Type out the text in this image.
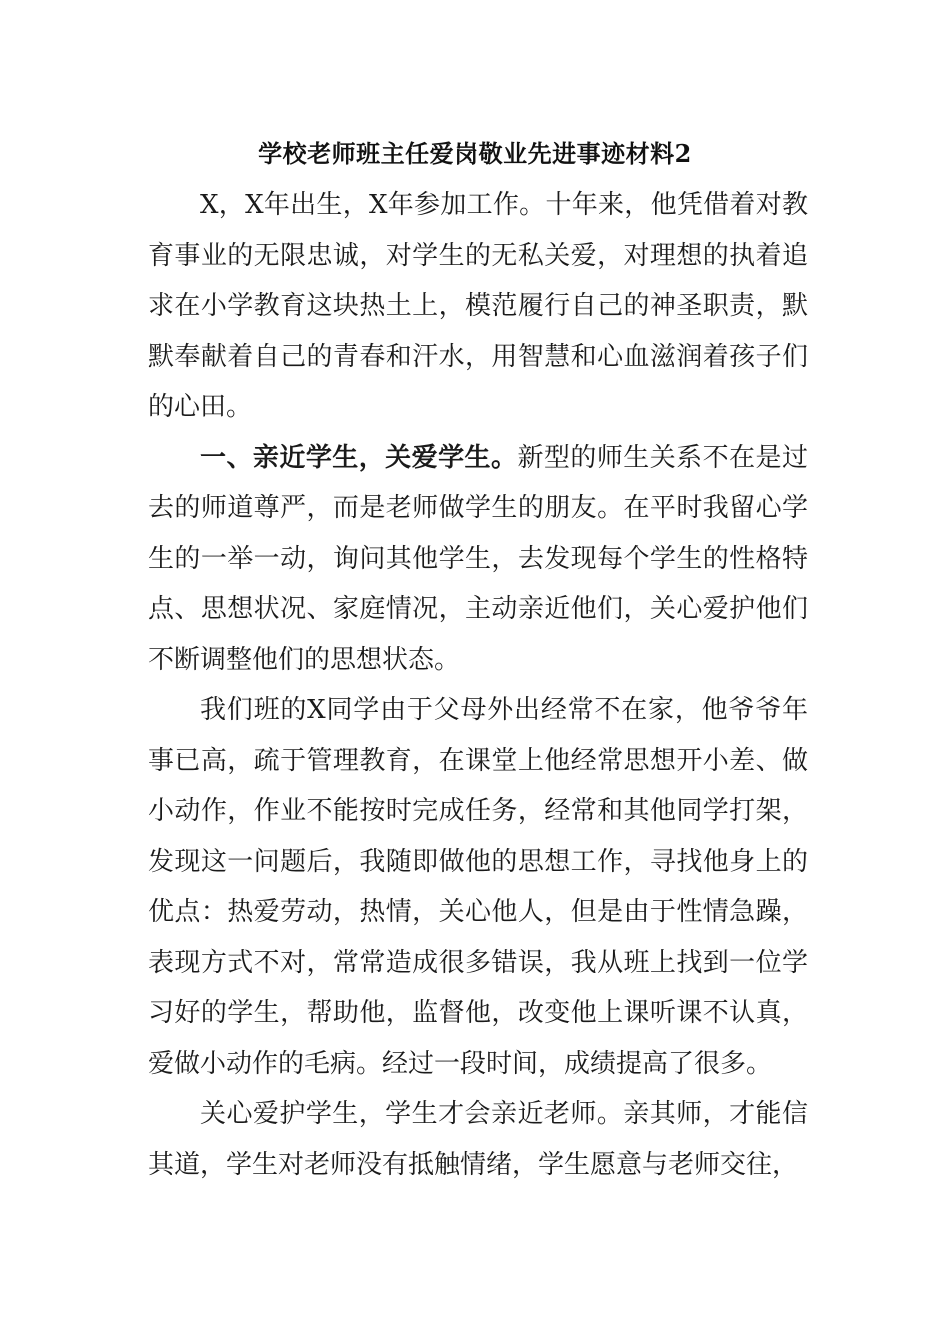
学校老师班主任爱岗敬业先进事迹材料2

X，X年出生，X年参加工作。十年来，他凭借着对教育事业的无限忠诚，对学生的无私关爱，对理想的执着追求在小学教育这块热土上，模范履行自己的神圣职责，默默奉献着自己的青春和汗水，用智慧和心血滋润着孩子们的心田。

一、亲近学生，关爱学生。新型的师生关系不在是过去的师道尊严，而是老师做学生的朋友。在平时我留心学生的一举一动，询问其他学生，去发现每个学生的性格特点、思想状况、家庭情况，主动亲近他们，关心爱护他们不断调整他们的思想状态。

我们班的X同学由于父母外出经常不在家，他爷爷年事已高，疏于管理教育，在课堂上他经常思想开小差、做小动作，作业不能按时完成任务，经常和其他同学打架，发现这一问题后，我随即做他的思想工作，寻找他身上的优点：热爱劳动，热情，关心他人，但是由于性情急躁，表现方式不对，常常造成很多错误，我从班上找到一位学习好的学生，帮助他，监督他，改变他上课听课不认真，爱做小动作的毛病。经过一段时间，成绩提高了很多。

关心爱护学生，学生才会亲近老师。亲其师，才能信其道，学生对老师没有抵触情绪，学生愿意与老师交往，
